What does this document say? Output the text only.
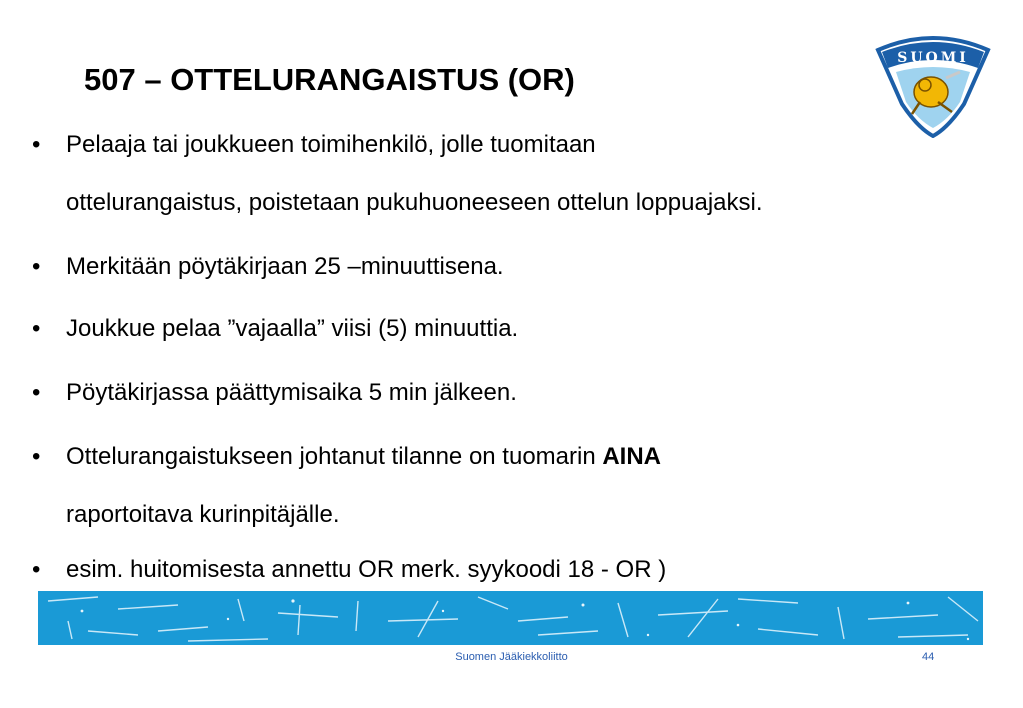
507 – OTTELURANGAISTUS (OR)
SUOMI
• Pelaaja tai joukkueen toimihenkilö, jolle tuomitaan
ottelurangaistus, poistetaan pukuhuoneeseen ottelun loppuajaksi.
• Merkitään pöytäkirjaan 25 –minuuttisena.
• Joukkue pelaa ”vajaalla” viisi (5) minuuttia.
• Pöytäkirjassa päättymisaika 5 min jälkeen.
• Ottelurangaistukseen johtanut tilanne on tuomarin AINA
raportoitava kurinpitäjälle.
• esim. huitomisesta annettu OR merk. syykoodi 18 - OR )
Suomen Jääkiekkoliitto	44
